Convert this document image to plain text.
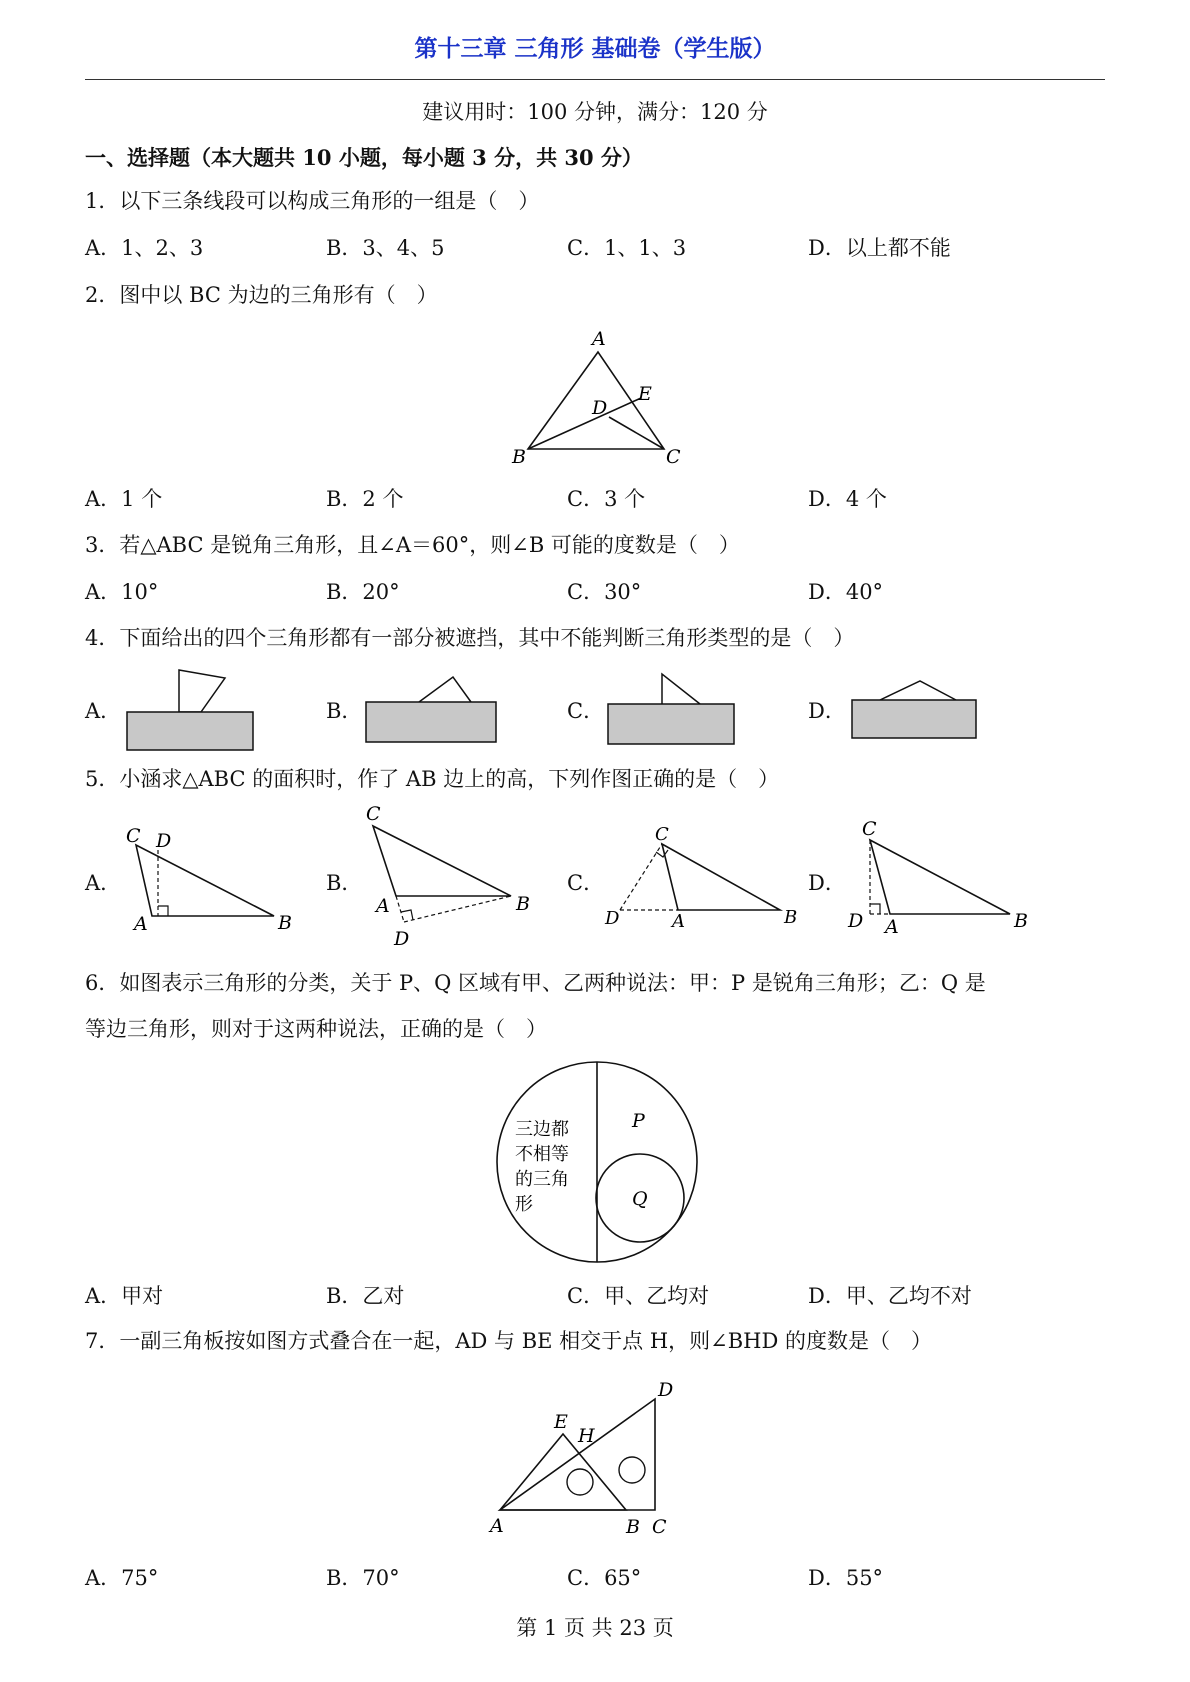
第十三章 三角形 基础卷（学生版）
建议用时：100 分钟，满分：120 分
一、选择题（本大题共 10 小题，每小题 3 分，共 30 分）
1．以下三条线段可以构成三角形的一组是（　）
A．1、2、3	B．3、4、5	C．1、1、3	D．以上都不能
2．图中以 BC 为边的三角形有（　）
A
B	C
D
E
A．1 个	B．2 个	C．3 个	D．4 个
3．若△ABC 是锐角三角形，且∠A＝60°，则∠B 可能的度数是（　）
A．10°	B．20°	C．30°	D．40°
4．下面给出的四个三角形都有一部分被遮挡，其中不能判断三角形类型的是（　）
A．	B．	C．	D．
5．小涵求△ABC 的面积时，作了 AB 边上的高，下列作图正确的是（　）
A．
C D
A	B
B．
C
A	B
D
C．
C
D	A	B
D．
C
D A	B
6．如图表示三角形的分类，关于 P、Q 区域有甲、乙两种说法：甲：P 是锐角三角形；乙：Q 是
等边三角形，则对于这两种说法，正确的是（　）
三边都
不相等
的三角
形
P
Q
A．甲对	B．乙对	C．甲、乙均对	D．甲、乙均不对
7．一副三角板按如图方式叠合在一起，AD 与 BE 相交于点 H，则∠BHD 的度数是（　）
A	B C
D
E
H
A．75°	B．70°	C．65°	D．55°
第 1 页 共 23 页
